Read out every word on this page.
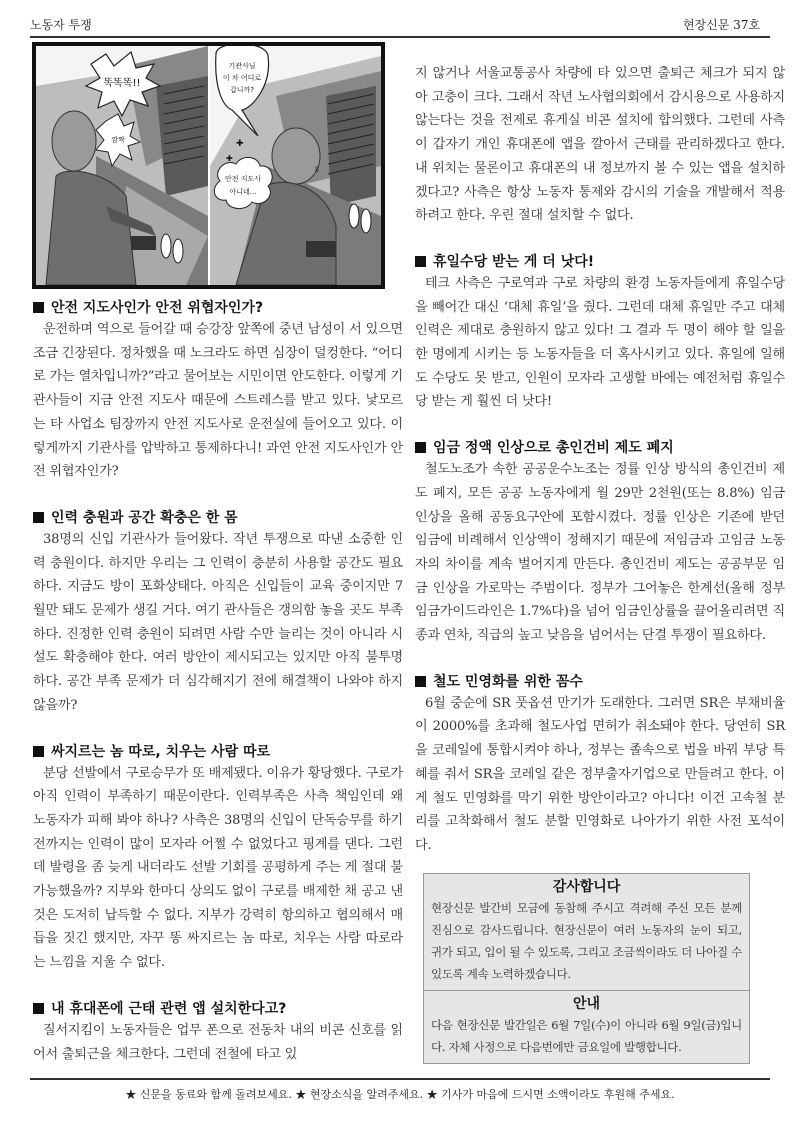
노동자 투쟁	현장신문 37호
똑똑똑!!
깜짝
기관사님
이 차 어디로
갑니까?
안전 지도사
아니네…
✚
✚
휴
안전 지도사인가 안전 위협자인가?

운전하며 역으로 들어갈 때 승강장 앞쪽에 중년 남성이 서 있으면 조금 긴장된다. 정차했을 때 노크라도 하면 심장이 덜컹한다. “어디로 가는 열차입니까?”라고 물어보는 시민이면 안도한다. 이렇게 기관사들이 지금 안전 지도사 때문에 스트레스를 받고 있다. 낯모르는 타 사업소 팀장까지 안전 지도사로 운전실에 들어오고 있다. 이렇게까지 기관사를 압박하고 통제하다니! 과연 안전 지도사인가 안전 위협자인가?

인력 충원과 공간 확충은 한 몸

38명의 신입 기관사가 들어왔다. 작년 투쟁으로 따낸 소중한 인력 충원이다. 하지만 우리는 그 인력이 충분히 사용할 공간도 필요하다. 지금도 방이 포화상태다. 아직은 신입들이 교육 중이지만 7월만 돼도 문제가 생길 거다. 여기 관사들은 갱의함 놓을 곳도 부족하다. 진정한 인력 충원이 되려면 사람 수만 늘리는 것이 아니라 시설도 확충해야 한다. 여러 방안이 제시되고는 있지만 아직 불투명하다. 공간 부족 문제가 더 심각해지기 전에 해결책이 나와야 하지 않을까?

싸지르는 놈 따로, 치우는 사람 따로

분당 선발에서 구로승무가 또 배제됐다. 이유가 황당했다. 구로가 아직 인력이 부족하기 때문이란다. 인력부족은 사측 책임인데 왜 노동자가 피해 봐야 하나? 사측은 38명의 신입이 단독승무를 하기 전까지는 인력이 많이 모자라 어쩔 수 없었다고 핑계를 댄다. 그런데 발령을 좀 늦게 내더라도 선발 기회를 공평하게 주는 게 절대 불가능했을까? 지부와 한마디 상의도 없이 구로를 배제한 채 공고 낸 것은 도저히 납득할 수 없다. 지부가 강력히 항의하고 협의해서 매듭을 짓긴 했지만, 자꾸 똥 싸지르는 놈 따로, 치우는 사람 따로라는 느낌을 지울 수 없다.

내 휴대폰에 근태 관련 앱 설치한다고?

질서지킴이 노동자들은 업무 폰으로 전동차 내의 비콘 신호를 읽어서 출퇴근을 체크한다. 그런데 전철에 타고 있

지 않거나 서울교통공사 차량에 타 있으면 출퇴근 체크가 되지 않아 고충이 크다. 그래서 작년 노사협의회에서 감시용으로 사용하지 않는다는 것을 전제로 휴게실 비콘 설치에 합의했다. 그런데 사측이 갑자기 개인 휴대폰에 앱을 깔아서 근태를 관리하겠다고 한다. 내 위치는 물론이고 휴대폰의 내 정보까지 볼 수 있는 앱을 설치하겠다고? 사측은 항상 노동자 통제와 감시의 기술을 개발해서 적용하려고 한다. 우린 절대 설치할 수 없다.

휴일수당 받는 게 더 낫다!

테크 사측은 구로역과 구로 차량의 환경 노동자들에게 휴일수당을 빼어간 대신 ‘대체 휴일’을 줬다. 그런데 대체 휴일만 주고 대체 인력은 제대로 충원하지 않고 있다! 그 결과 두 명이 해야 할 일을 한 명에게 시키는 등 노동자들을 더 혹사시키고 있다. 휴일에 일해도 수당도 못 받고, 인원이 모자라 고생할 바에는 예전처럼 휴일수당 받는 게 훨씬 더 낫다!

임금 정액 인상으로 총인건비 제도 폐지

철도노조가 속한 공공운수노조는 정률 인상 방식의 총인건비 제도 폐지, 모든 공공 노동자에게 월 29만 2천원(또는 8.8%) 임금 인상을 올해 공동요구안에 포함시켰다. 정률 인상은 기존에 받던 임금에 비례해서 인상액이 정해지기 때문에 저임금과 고임금 노동자의 차이를 계속 벌어지게 만든다. 총인건비 제도는 공공부문 임금 인상을 가로막는 주범이다. 정부가 그어놓은 한계선(올해 정부 임금가이드라인은 1.7%다)을 넘어 임금인상률을 끌어올리려면 직종과 연차, 직급의 높고 낮음을 넘어서는 단결 투쟁이 필요하다.

철도 민영화를 위한 꼼수

6월 중순에 SR 풋옵션 만기가 도래한다. 그러면 SR은 부채비율이 2000%를 초과해 철도사업 면허가 취소돼야 한다. 당연히 SR을 코레일에 통합시켜야 하나, 정부는 졸속으로 법을 바꿔 부당 특혜를 줘서 SR을 코레일 같은 정부출자기업으로 만들려고 한다. 이게 철도 민영화를 막기 위한 방안이라고? 아니다! 이건 고속철 분리를 고착화해서 철도 분할 민영화로 나아가기 위한 사전 포석이다.

감사합니다
현장신문 발간비 모금에 동참해 주시고 격려해 주신 모든 분께 진심으로 감사드립니다. 현장신문이 여러 노동자의 눈이 되고, 귀가 되고, 입이 될 수 있도록, 그리고 조금씩이라도 더 나아질 수 있도록 계속 노력하겠습니다.
안내
다음 현장신문 발간일은 6월 7일(수)이 아니라 6월 9일(금)입니다. 자체 사정으로 다음번에만 금요일에 발행합니다.
★ 신문을 동료와 함께 돌려보세요. ★ 현장소식을 알려주세요. ★ 기사가 마음에 드시면 소액이라도 후원해 주세요.
